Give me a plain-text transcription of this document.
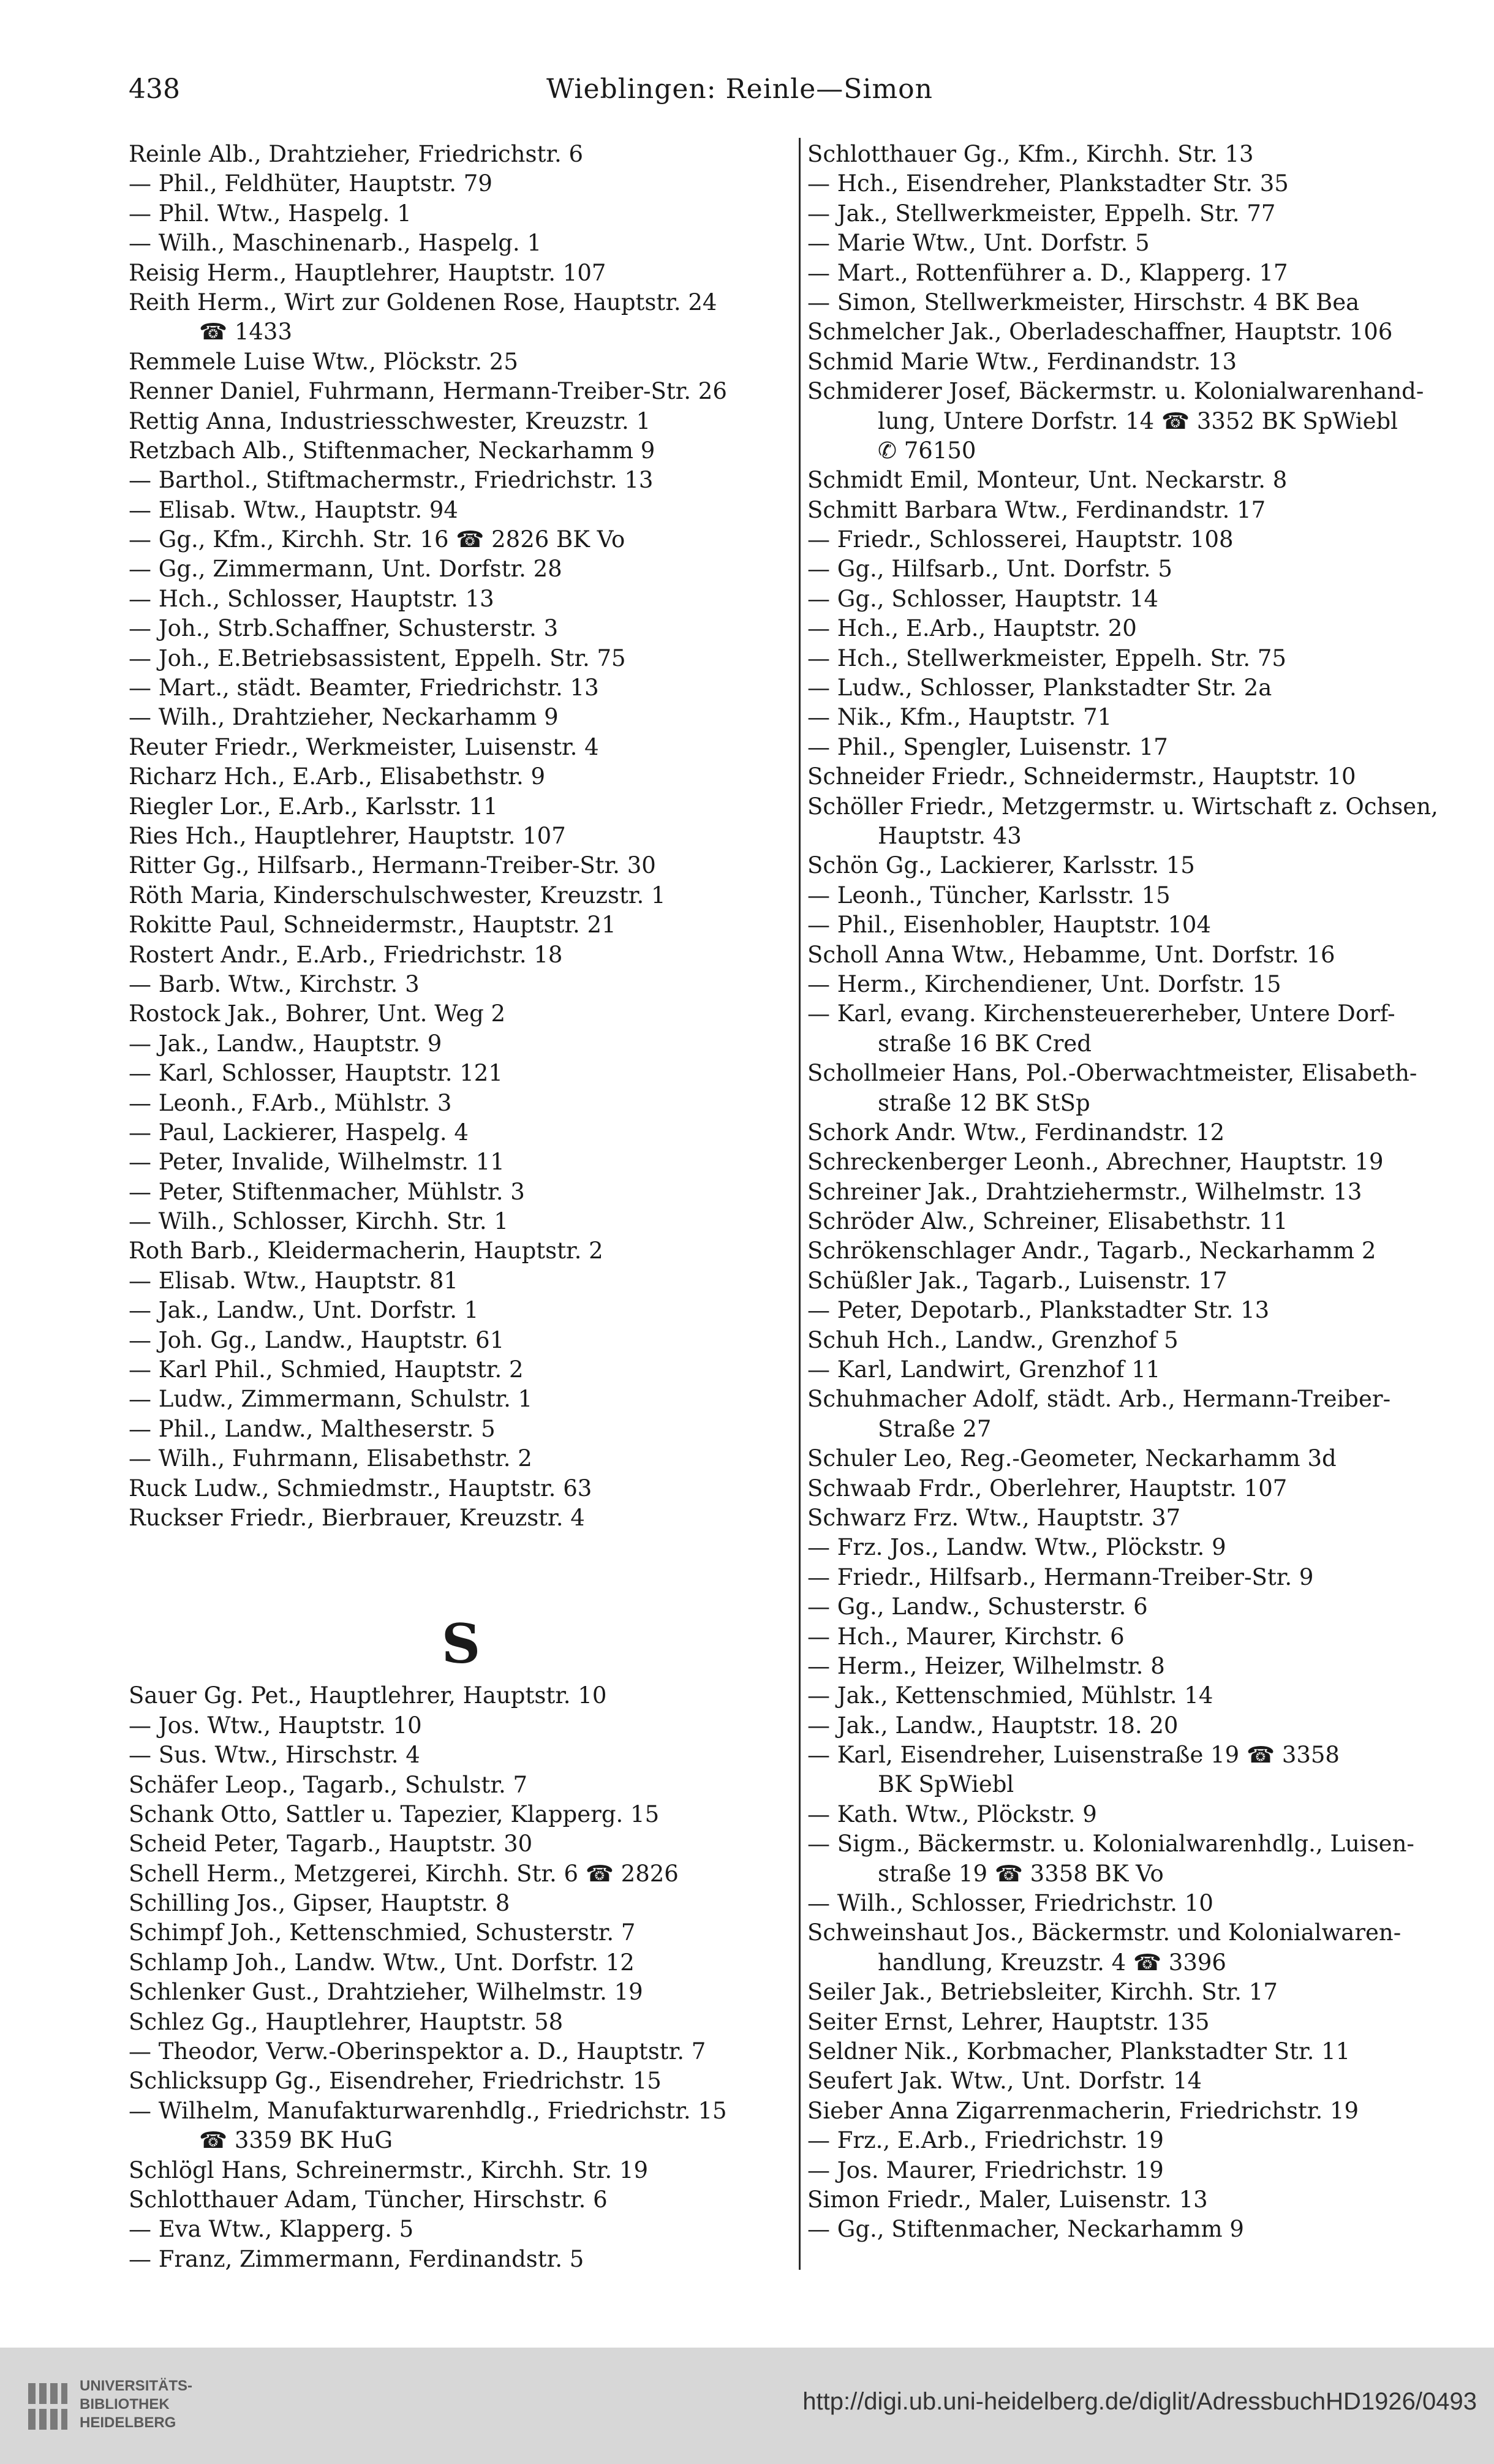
438	Wieblingen: Reinle—Simon
Reinle Alb., Drahtzieher, Friedrichstr. 6
— Phil., Feldhüter, Hauptstr. 79
— Phil. Wtw., Haspelg. 1
— Wilh., Maschinenarb., Haspelg. 1
Reisig Herm., Hauptlehrer, Hauptstr. 107
Reith Herm., Wirt zur Goldenen Rose, Hauptstr. 24
☎ 1433
Remmele Luise Wtw., Plöckstr. 25
Renner Daniel, Fuhrmann, Hermann-Treiber-Str. 26
Rettig Anna, Industriesschwester, Kreuzstr. 1
Retzbach Alb., Stiftenmacher, Neckarhamm 9
— Barthol., Stiftmachermstr., Friedrichstr. 13
— Elisab. Wtw., Hauptstr. 94
— Gg., Kfm., Kirchh. Str. 16 ☎ 2826 BK Vo
— Gg., Zimmermann, Unt. Dorfstr. 28
— Hch., Schlosser, Hauptstr. 13
— Joh., Strb.Schaffner, Schusterstr. 3
— Joh., E.Betriebsassistent, Eppelh. Str. 75
— Mart., städt. Beamter, Friedrichstr. 13
— Wilh., Drahtzieher, Neckarhamm 9
Reuter Friedr., Werkmeister, Luisenstr. 4
Richarz Hch., E.Arb., Elisabethstr. 9
Riegler Lor., E.Arb., Karlsstr. 11
Ries Hch., Hauptlehrer, Hauptstr. 107
Ritter Gg., Hilfsarb., Hermann-Treiber-Str. 30
Röth Maria, Kinderschulschwester, Kreuzstr. 1
Rokitte Paul, Schneidermstr., Hauptstr. 21
Rostert Andr., E.Arb., Friedrichstr. 18
— Barb. Wtw., Kirchstr. 3
Rostock Jak., Bohrer, Unt. Weg 2
— Jak., Landw., Hauptstr. 9
— Karl, Schlosser, Hauptstr. 121
— Leonh., F.Arb., Mühlstr. 3
— Paul, Lackierer, Haspelg. 4
— Peter, Invalide, Wilhelmstr. 11
— Peter, Stiftenmacher, Mühlstr. 3
— Wilh., Schlosser, Kirchh. Str. 1
Roth Barb., Kleidermacherin, Hauptstr. 2
— Elisab. Wtw., Hauptstr. 81
— Jak., Landw., Unt. Dorfstr. 1
— Joh. Gg., Landw., Hauptstr. 61
— Karl Phil., Schmied, Hauptstr. 2
— Ludw., Zimmermann, Schulstr. 1
— Phil., Landw., Maltheserstr. 5
— Wilh., Fuhrmann, Elisabethstr. 2
Ruck Ludw., Schmiedmstr., Hauptstr. 63
Ruckser Friedr., Bierbrauer, Kreuzstr. 4
S
Sauer Gg. Pet., Hauptlehrer, Hauptstr. 10
— Jos. Wtw., Hauptstr. 10
— Sus. Wtw., Hirschstr. 4
Schäfer Leop., Tagarb., Schulstr. 7
Schank Otto, Sattler u. Tapezier, Klapperg. 15
Scheid Peter, Tagarb., Hauptstr. 30
Schell Herm., Metzgerei, Kirchh. Str. 6 ☎ 2826
Schilling Jos., Gipser, Hauptstr. 8
Schimpf Joh., Kettenschmied, Schusterstr. 7
Schlamp Joh., Landw. Wtw., Unt. Dorfstr. 12
Schlenker Gust., Drahtzieher, Wilhelmstr. 19
Schlez Gg., Hauptlehrer, Hauptstr. 58
— Theodor, Verw.-Oberinspektor a. D., Hauptstr. 7
Schlicksupp Gg., Eisendreher, Friedrichstr. 15
— Wilhelm, Manufakturwarenhdlg., Friedrichstr. 15
☎ 3359 BK HuG
Schlögl Hans, Schreinermstr., Kirchh. Str. 19
Schlotthauer Adam, Tüncher, Hirschstr. 6
— Eva Wtw., Klapperg. 5
— Franz, Zimmermann, Ferdinandstr. 5
Schlotthauer Gg., Kfm., Kirchh. Str. 13
— Hch., Eisendreher, Plankstadter Str. 35
— Jak., Stellwerkmeister, Eppelh. Str. 77
— Marie Wtw., Unt. Dorfstr. 5
— Mart., Rottenführer a. D., Klapperg. 17
— Simon, Stellwerkmeister, Hirschstr. 4 BK Bea
Schmelcher Jak., Oberladeschaffner, Hauptstr. 106
Schmid Marie Wtw., Ferdinandstr. 13
Schmiderer Josef, Bäckermstr. u. Kolonialwarenhand-
lung, Untere Dorfstr. 14 ☎ 3352 BK SpWiebl
✆ 76150
Schmidt Emil, Monteur, Unt. Neckarstr. 8
Schmitt Barbara Wtw., Ferdinandstr. 17
— Friedr., Schlosserei, Hauptstr. 108
— Gg., Hilfsarb., Unt. Dorfstr. 5
— Gg., Schlosser, Hauptstr. 14
— Hch., E.Arb., Hauptstr. 20
— Hch., Stellwerkmeister, Eppelh. Str. 75
— Ludw., Schlosser, Plankstadter Str. 2a
— Nik., Kfm., Hauptstr. 71
— Phil., Spengler, Luisenstr. 17
Schneider Friedr., Schneidermstr., Hauptstr. 10
Schöller Friedr., Metzgermstr. u. Wirtschaft z. Ochsen,
Hauptstr. 43
Schön Gg., Lackierer, Karlsstr. 15
— Leonh., Tüncher, Karlsstr. 15
— Phil., Eisenhobler, Hauptstr. 104
Scholl Anna Wtw., Hebamme, Unt. Dorfstr. 16
— Herm., Kirchendiener, Unt. Dorfstr. 15
— Karl, evang. Kirchensteuererheber, Untere Dorf-
straße 16 BK Cred
Schollmeier Hans, Pol.-Oberwachtmeister, Elisabeth-
straße 12 BK StSp
Schork Andr. Wtw., Ferdinandstr. 12
Schreckenberger Leonh., Abrechner, Hauptstr. 19
Schreiner Jak., Drahtziehermstr., Wilhelmstr. 13
Schröder Alw., Schreiner, Elisabethstr. 11
Schrökenschlager Andr., Tagarb., Neckarhamm 2
Schüßler Jak., Tagarb., Luisenstr. 17
— Peter, Depotarb., Plankstadter Str. 13
Schuh Hch., Landw., Grenzhof 5
— Karl, Landwirt, Grenzhof 11
Schuhmacher Adolf, städt. Arb., Hermann-Treiber-
Straße 27
Schuler Leo, Reg.-Geometer, Neckarhamm 3d
Schwaab Frdr., Oberlehrer, Hauptstr. 107
Schwarz Frz. Wtw., Hauptstr. 37
— Frz. Jos., Landw. Wtw., Plöckstr. 9
— Friedr., Hilfsarb., Hermann-Treiber-Str. 9
— Gg., Landw., Schusterstr. 6
— Hch., Maurer, Kirchstr. 6
— Herm., Heizer, Wilhelmstr. 8
— Jak., Kettenschmied, Mühlstr. 14
— Jak., Landw., Hauptstr. 18. 20
— Karl, Eisendreher, Luisenstraße 19 ☎ 3358
BK SpWiebl
— Kath. Wtw., Plöckstr. 9
— Sigm., Bäckermstr. u. Kolonialwarenhdlg., Luisen-
straße 19 ☎ 3358 BK Vo
— Wilh., Schlosser, Friedrichstr. 10
Schweinshaut Jos., Bäckermstr. und Kolonialwaren-
handlung, Kreuzstr. 4 ☎ 3396
Seiler Jak., Betriebsleiter, Kirchh. Str. 17
Seiter Ernst, Lehrer, Hauptstr. 135
Seldner Nik., Korbmacher, Plankstadter Str. 11
Seufert Jak. Wtw., Unt. Dorfstr. 14
Sieber Anna Zigarrenmacherin, Friedrichstr. 19
— Frz., E.Arb., Friedrichstr. 19
— Jos. Maurer, Friedrichstr. 19
Simon Friedr., Maler, Luisenstr. 13
— Gg., Stiftenmacher, Neckarhamm 9
UNIVERSITÄTS-
BIBLIOTHEK
HEIDELBERG
http://digi.ub.uni-heidelberg.de/diglit/AdressbuchHD1926/0493
